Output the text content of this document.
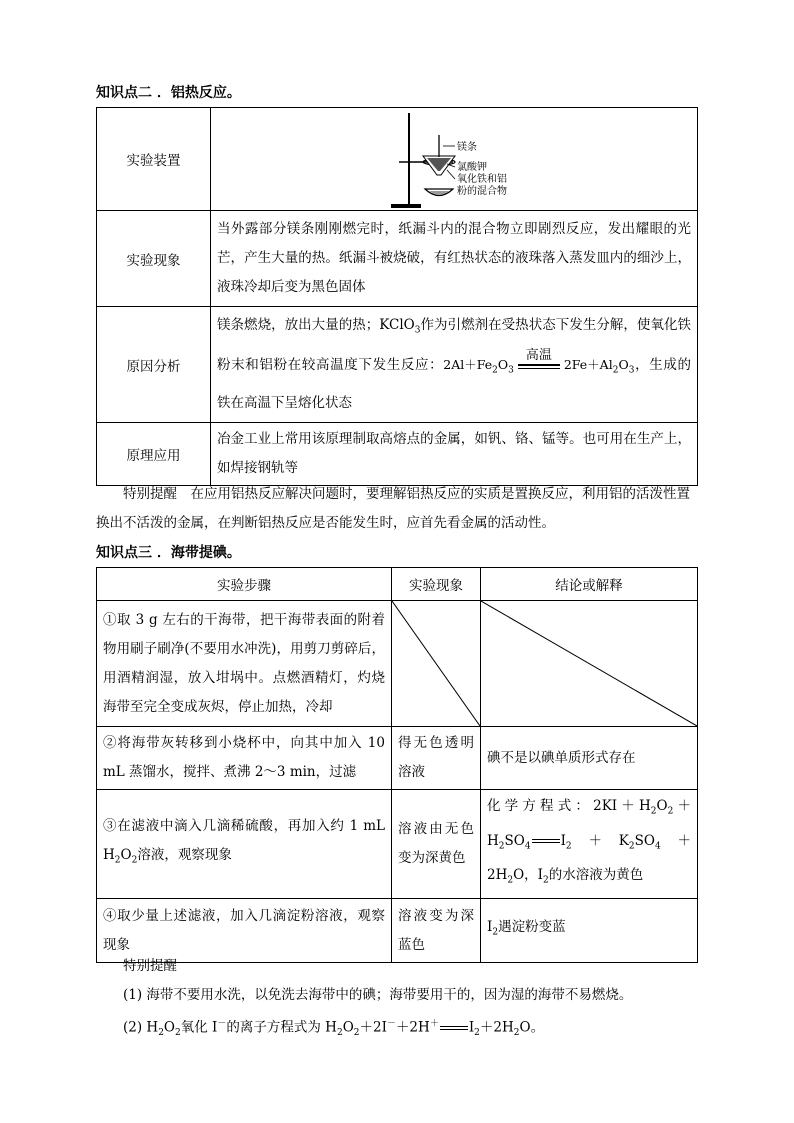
知识点二 ．铝热反应。
实验装置	镁条
氯酸钾
氧化铁和铝
粉的混合物

实验现象	当外露部分镁条刚刚燃完时，纸漏斗内的混合物立即剧烈反应，发出耀眼的光芒，产生大量的热。纸漏斗被烧破，有红热状态的液珠落入蒸发皿内的细沙上，液珠冷却后变为黑色固体
原因分析	镁条燃烧，放出大量的热；KClO$_3$作为引燃剂在受热状态下发生分解，使氧化铁粉末和铝粉在较高温度下发生反应：$2Al+Fe_2O_3$
高温
$2Fe+Al_2O_3$，生成的铁在高温下呈熔化状态
原理应用	冶金工业上常用该原理制取高熔点的金属，如钒、铬、锰等。也可用在生产上，如焊接钢轨等
特别提醒　 在应用铝热反应解决问题时，要理解铝热反应的实质是置换反应，利用铝的活泼性置换出不活泼的金属，在判断铝热反应是否能发生时，应首先看金属的活动性。
知识点三 ．海带提碘。
实验步骤	实验现象	结论或解释
①取 3 g 左右的干海带，把干海带表面的附着物用刷子刷净(不要用水冲洗)，用剪刀剪碎后，用酒精润湿，放入坩埚中。点燃酒精灯，灼烧海带至完全变成灰烬，停止加热，冷却	

②将海带灰转移到小烧杯中，向其中加入 10 mL 蒸馏水，搅拌、煮沸 2～3 min，过滤	得无色透明溶液	碘不是以碘单质形式存在
③在滤液中滴入几滴稀硫酸，再加入约 1 mL $H_2O_2$溶液，观察现象	溶液由无色变为深黄色	化学方程式：$2KI+H_2O_2+H_2SO_4$ $I_2+K_2SO_4+2H_2O$，$I_2$的水溶液为黄色
④取少量上述滤液，加入几滴淀粉溶液，观察现象	溶液变为深蓝色	$I_2$遇淀粉变蓝
特别提醒
(1) 海带不要用水洗，以免洗去海带中的碘；海带要用干的，因为湿的海带不易燃烧。
(2) $H_2O_2$氧化 I－的离子方程式为 $H_2O_2+2I^-+2H^+$ $I_2+2H_2O$。
